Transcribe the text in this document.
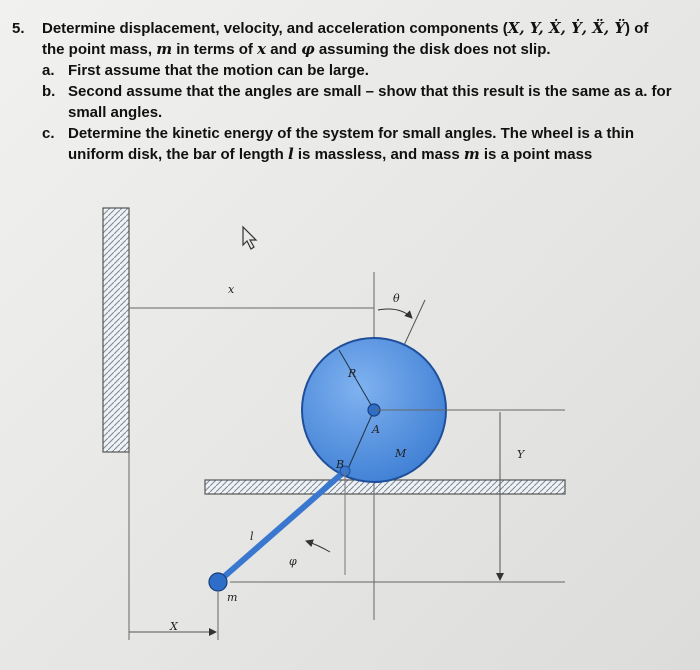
5.	Determine displacement, velocity, and acceleration components (X, Y, Ẋ, Ẏ, Ẍ, Ÿ) of
the point mass, m in terms of x and φ assuming the disk does not slip.
a. First assume that the motion can be large.
b. Second assume that the angles are small – show that this result is the same as a. for
small angles.
c. Determine the kinetic energy of the system for small angles. The wheel is a thin
uniform disk, the bar of length l is massless, and mass m is a point mass
x
θ
R
A
M	Y
B
l
φ
m
X
